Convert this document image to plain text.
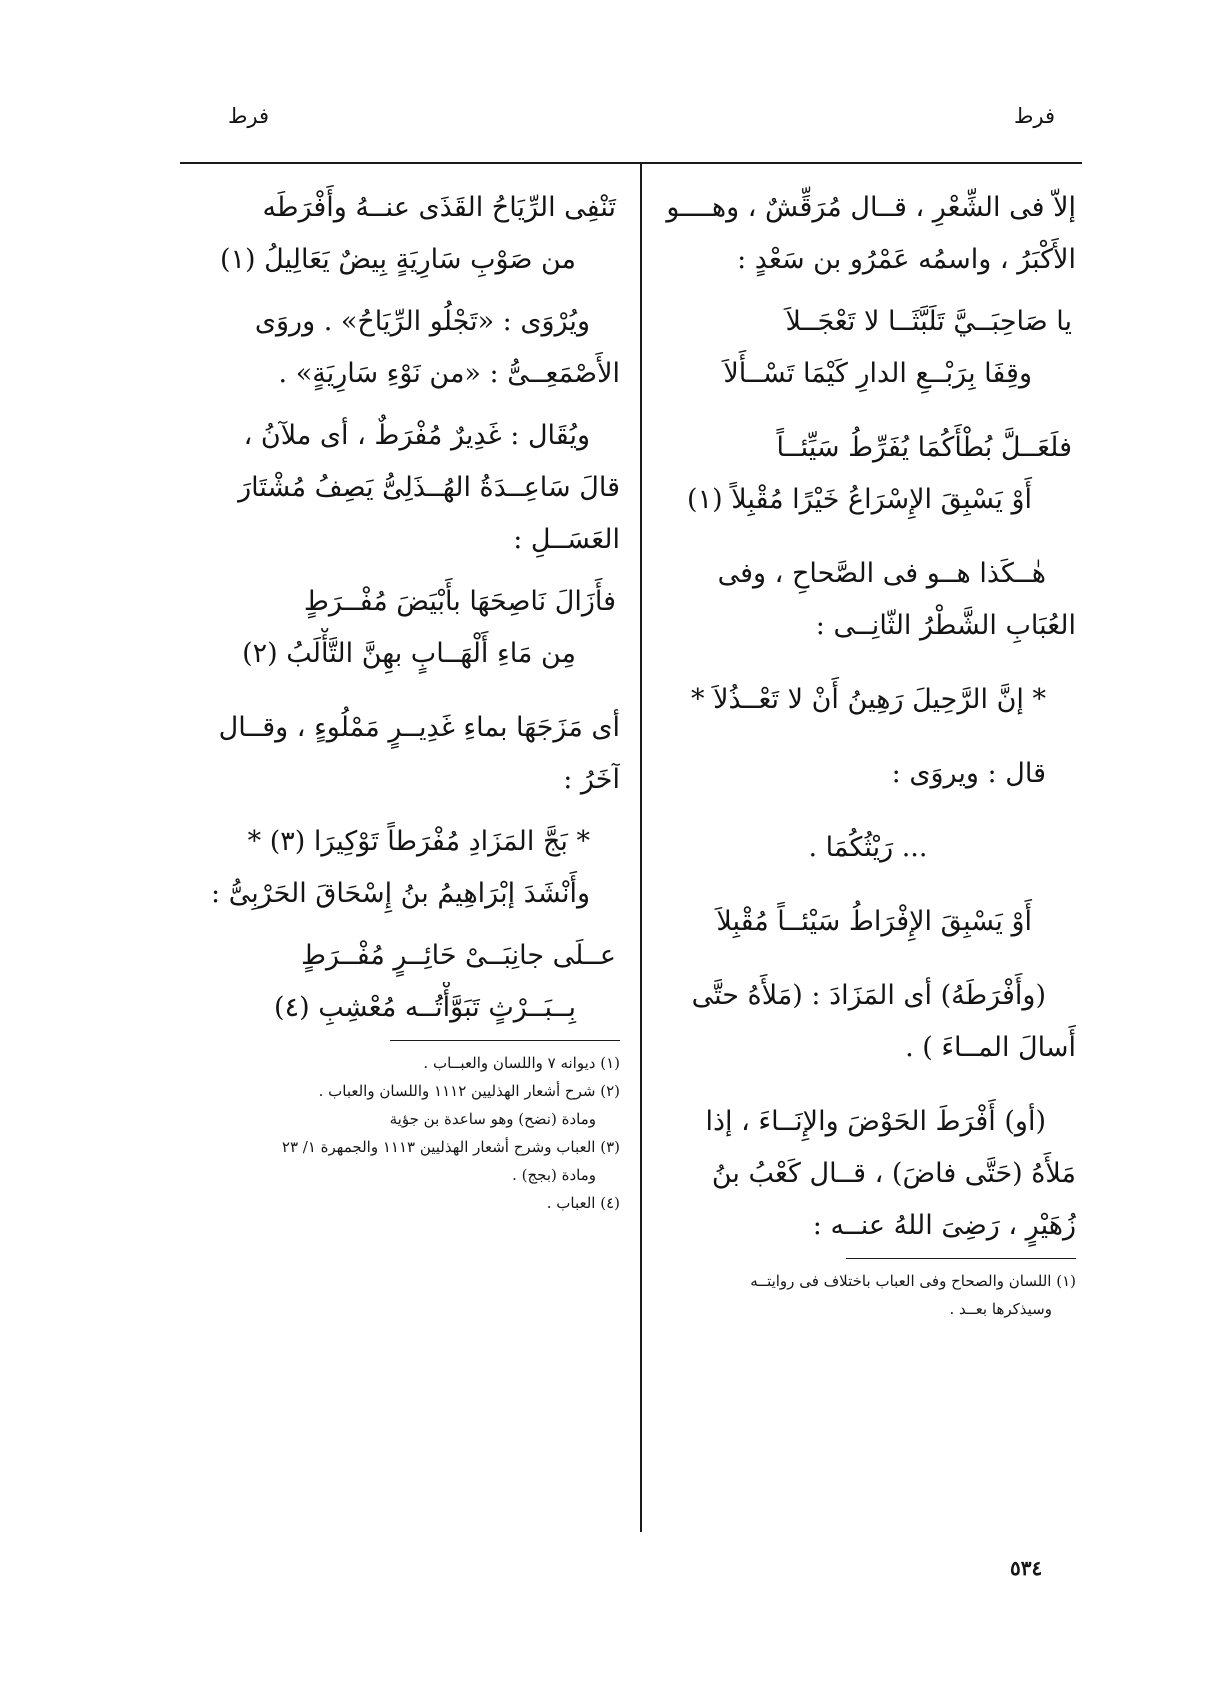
فرط	فرط
إلاّ فى الشِّعْرِ ، قــال مُرَقِّشٌ ، وهــــو
الأَكْبَرُ ، واسمُه عَمْرُو بن سَعْدٍ :
يا صَاحِبَــيَّ تَلَبَّثَــا لا تَعْجَــلاَ
وقِفَا بِرَبْــعِ الدارِ كَيْمَا تَسْــأَلاَ
فلَعَــلَّ بُطْأَكُمَا يُفَرِّطُ سَيِّئــاً
أَوْ يَسْبِقَ الإِسْرَاعُ خَيْرًا مُقْبِلاً (١)
هٰــكَذا هــو فى الصَّحاحِ ، وفى
العُبَابِ الشَّطْرُ الثّانِــى :
* إنَّ الرَّحِيلَ رَهِينُ أَنْ لا تَعْــذُلاَ *
قال : ويروَى :
... رَيْثُكُمَا .
أَوْ يَسْبِقَ الإِفْرَاطُ سَيْئــاً مُقْبِلاَ
(وأَفْرَطَهُ) أى المَزَادَ : (مَلأَهُ حتَّى
أَسالَ المــاءَ ) .
(أو) أَفْرَطَ الحَوْضَ والإِنَــاءَ ، إذا
مَلأَهُ (حَتَّى فاضَ) ، قــال كَعْبُ بنُ
زُهَيْرٍ ، رَضِىَ اللهُ عنــه :
(١) اللسان والصحاح وفى العباب باختلاف فى روايتــه
وسيذكرها بعــد .
تَنْفِى الرِّيَاحُ القَذَى عنــهُ وأَفْرَطَه
من صَوْبِ سَارِيَةٍ بِيضٌ يَعَالِيلُ (١)
ويُرْوَى : «تَجْلُو الرِّيَاحُ» . وروَى
الأَصْمَعِــىُّ : «من نَوْءِ سَارِيَةٍ» .
ويُقَال : غَدِيرٌ مُفْرَطٌ ، أى ملآنُ ،
قالَ سَاعِــدَةُ الهُــذَلِىُّ يَصِفُ مُشْتَارَ
العَسَــلِ :
فأَزَالَ نَاصِحَهَا بأَبْيَضَ مُفْــرَطٍ
مِن مَاءِ أَلْهَــابٍ بهِنَّ التَّأْلَبُ (٢)
أى مَزَجَهَا بماءِ غَدِيــرٍ مَمْلُوءٍ ، وقــال
آخَرُ :
* بَجَّ المَزَادِ مُفْرَطاً تَوْكِيرَا (٣) *
وأَنْشَدَ إبْرَاهِيمُ بنُ إِسْحَاقَ الحَرْبِىُّ :
عــلَى جانِبَــىْ حَائِــرٍ مُفْــرَطٍ
بِــبَــرْثٍ تَبَوَّأْتُــه مُعْشِبِ (٤)
(١) ديوانه ٧ واللسان والعبــاب .
(٢) شرح أشعار الهذليين ١١١٢ واللسان والعباب .
ومادة (نضح) وهو ساعدة بن جؤية
(٣) العباب وشرح أشعار الهذليين ١١١٣ والجمهرة ١/ ٢٣
ومادة (بجج) .
(٤) العباب .
٥٣٤
